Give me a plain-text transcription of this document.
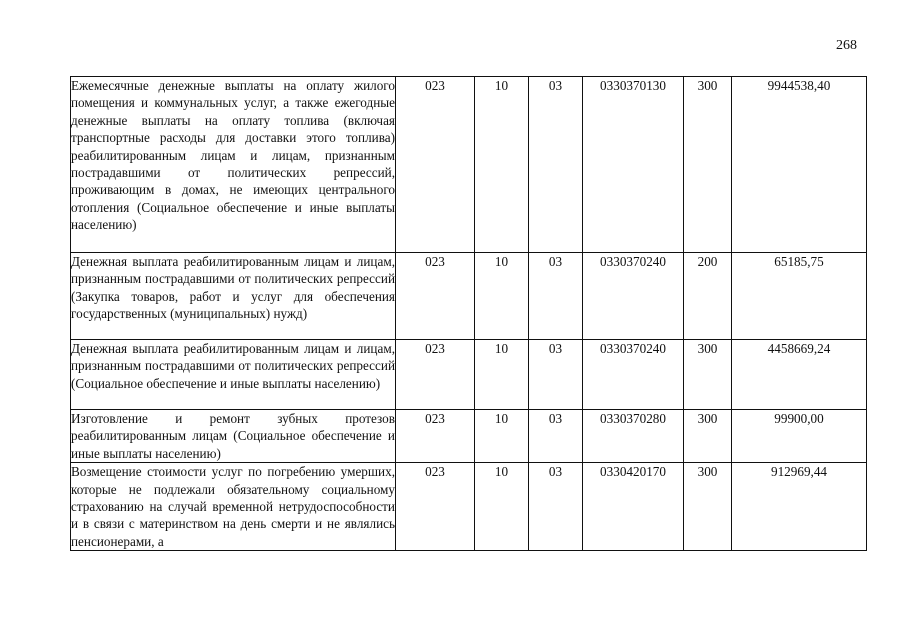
268
Ежемесячные денежные выплаты на оплату жилого помещения и коммунальных услуг, а также ежегодные денежные выплаты на оплату топлива (включая транспортные расходы для доставки этого топлива) реабилитированным лицам и лицам, признанным пострадавшими от политических репрессий, проживающим в домах, не имеющих центрального отопления (Социальное обеспечение и иные выплаты населению)	023	10	03	0330370130	300	9944538,40

Денежная выплата реабилитированным лицам и лицам, признанным пострадавшими от политических репрессий (Закупка товаров, работ и услуг для обеспечения государственных (муниципальных) нужд)	023	10	03	0330370240	200	65185,75

Денежная выплата реабилитированным лицам и лицам, признанным пострадавшими от политических репрессий (Социальное обеспечение и иные выплаты населению)	023	10	03	0330370240	300	4458669,24

Изготовление и ремонт зубных протезов реабилитированным лицам (Социальное обеспечение и иные выплаты населению)	023	10	03	0330370280	300	99900,00

Возмещение стоимости услуг по погребению умерших, которые не подлежали обязательному социальному страхованию на случай временной нетрудоспособности и в связи с материнством на день смерти и не являлись пенсионерами, а	023	10	03	0330420170	300	912969,44
